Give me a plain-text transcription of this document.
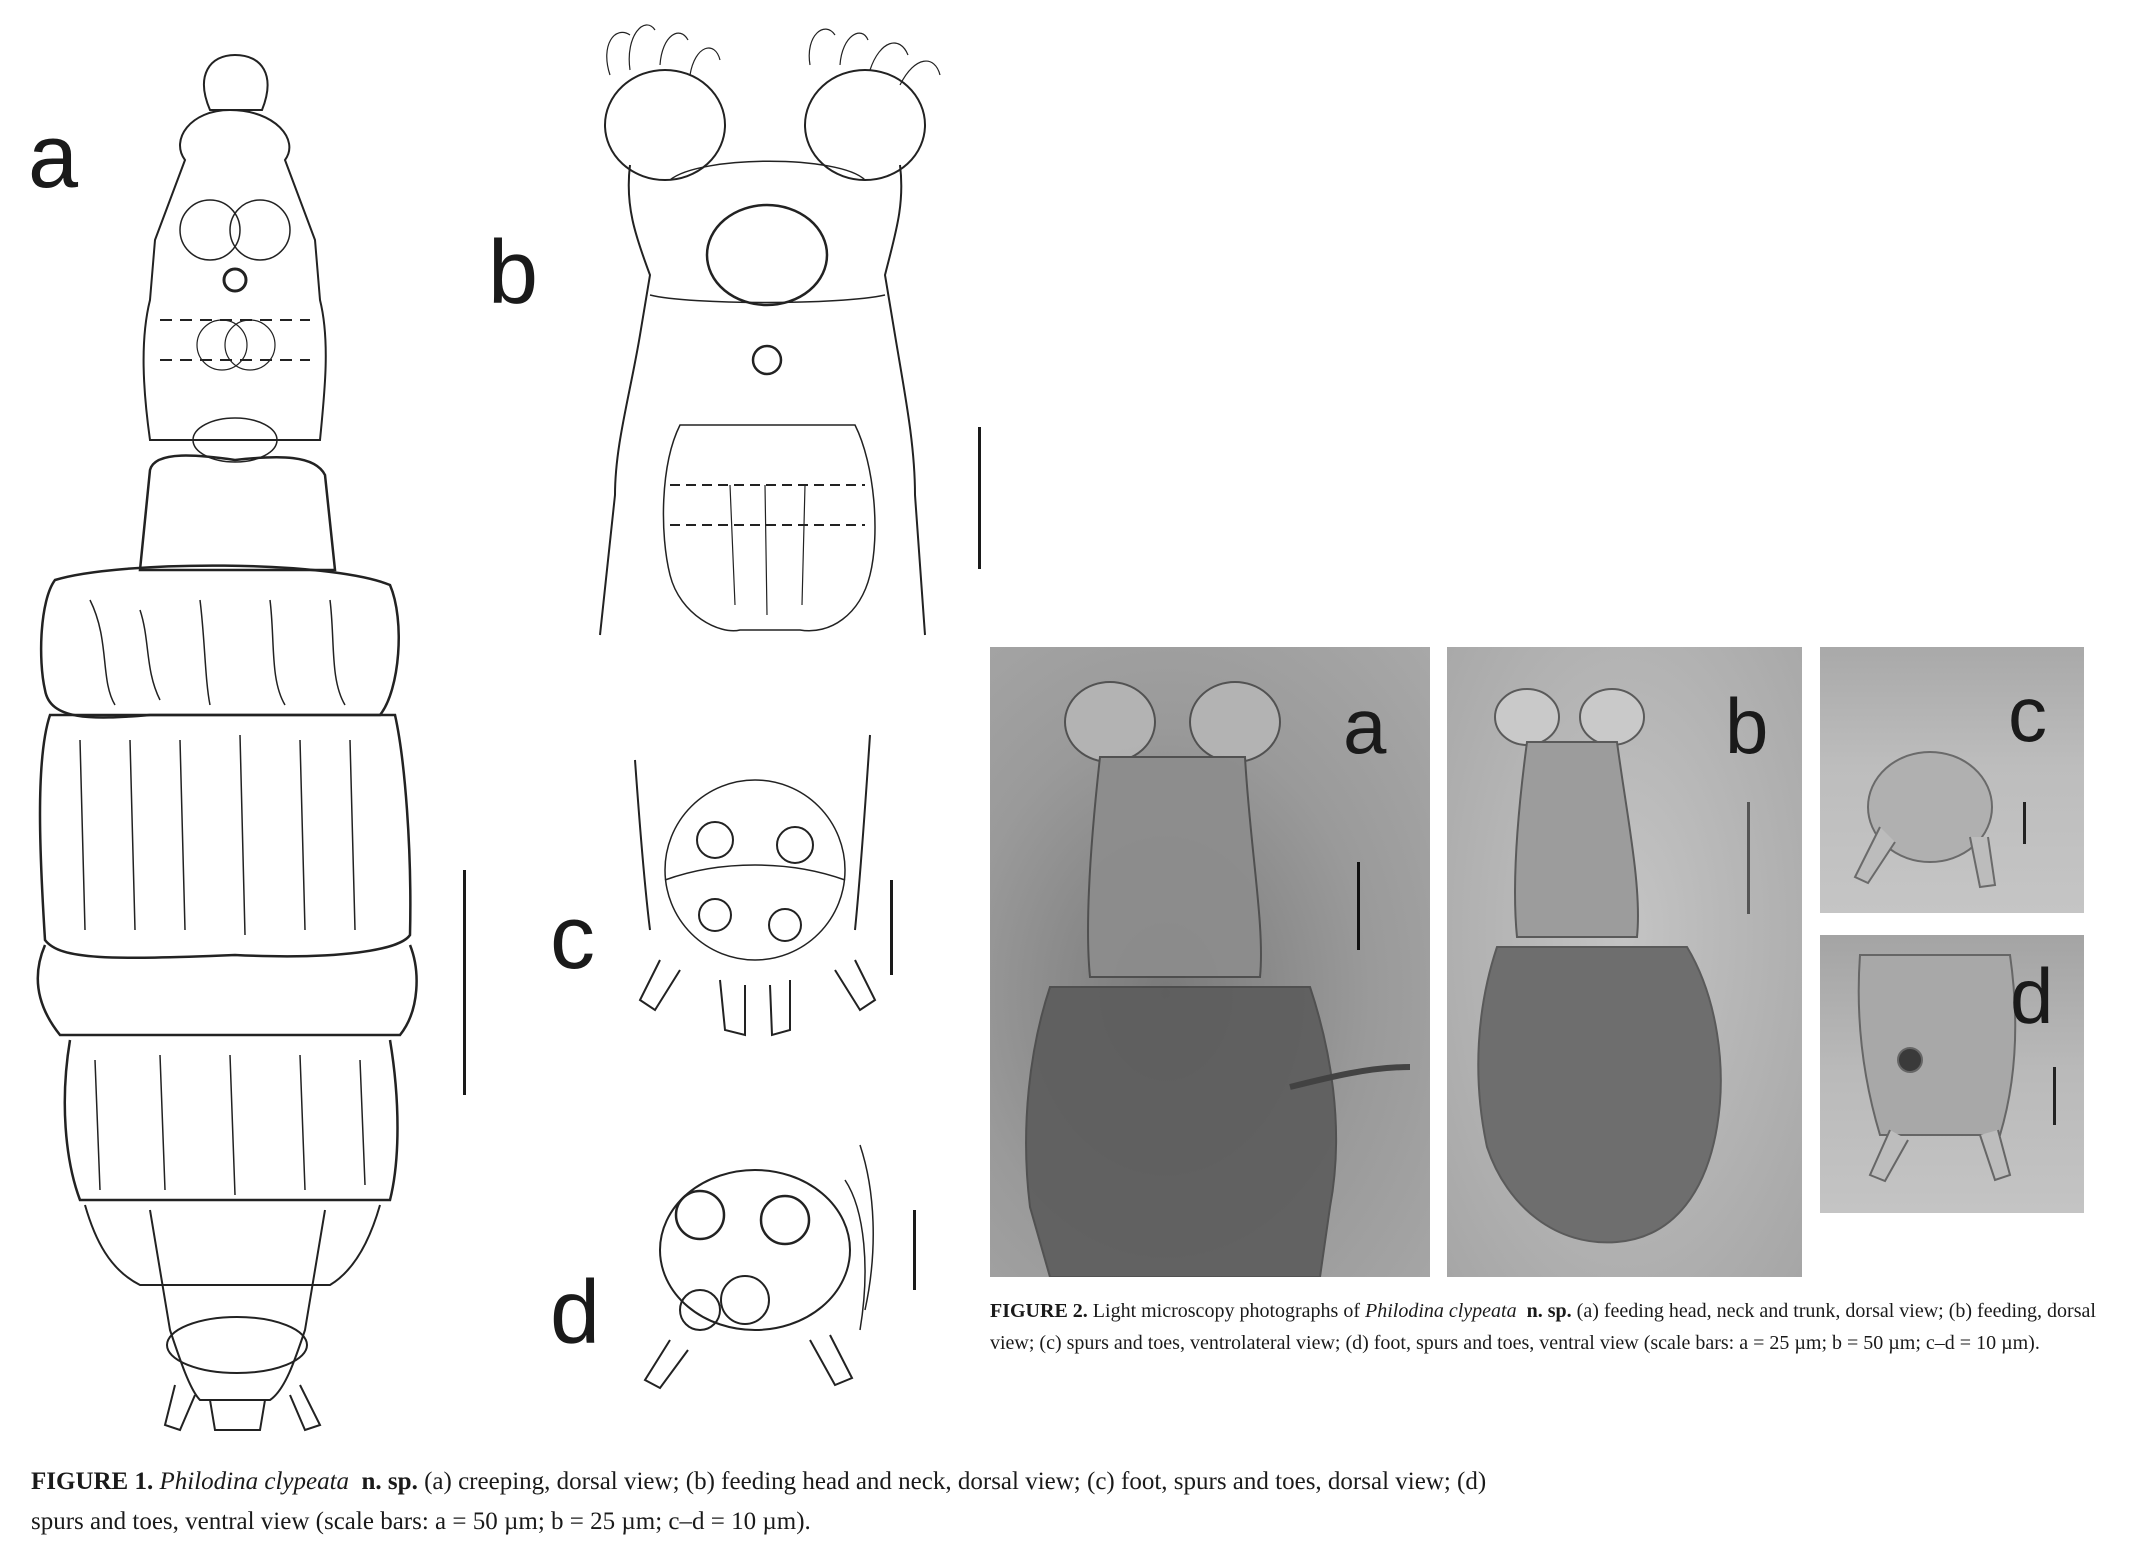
a
b
c
d
FIGURE 1. Philodina clypeata n. sp. (a) creeping, dorsal view; (b) feeding head and neck, dorsal view; (c) foot, spurs and toes, dorsal view; (d) spurs and toes, ventral view (scale bars: a = 50 µm; b = 25 µm; c–d = 10 µm).
a	b	c
d
FIGURE 2. Light microscopy photographs of Philodina clypeata n. sp. (a) feeding head, neck and trunk, dorsal view; (b) feeding, dorsal view; (c) spurs and toes, ventrolateral view; (d) foot, spurs and toes, ventral view (scale bars: a = 25 µm; b = 50 µm; c–d = 10 µm).
